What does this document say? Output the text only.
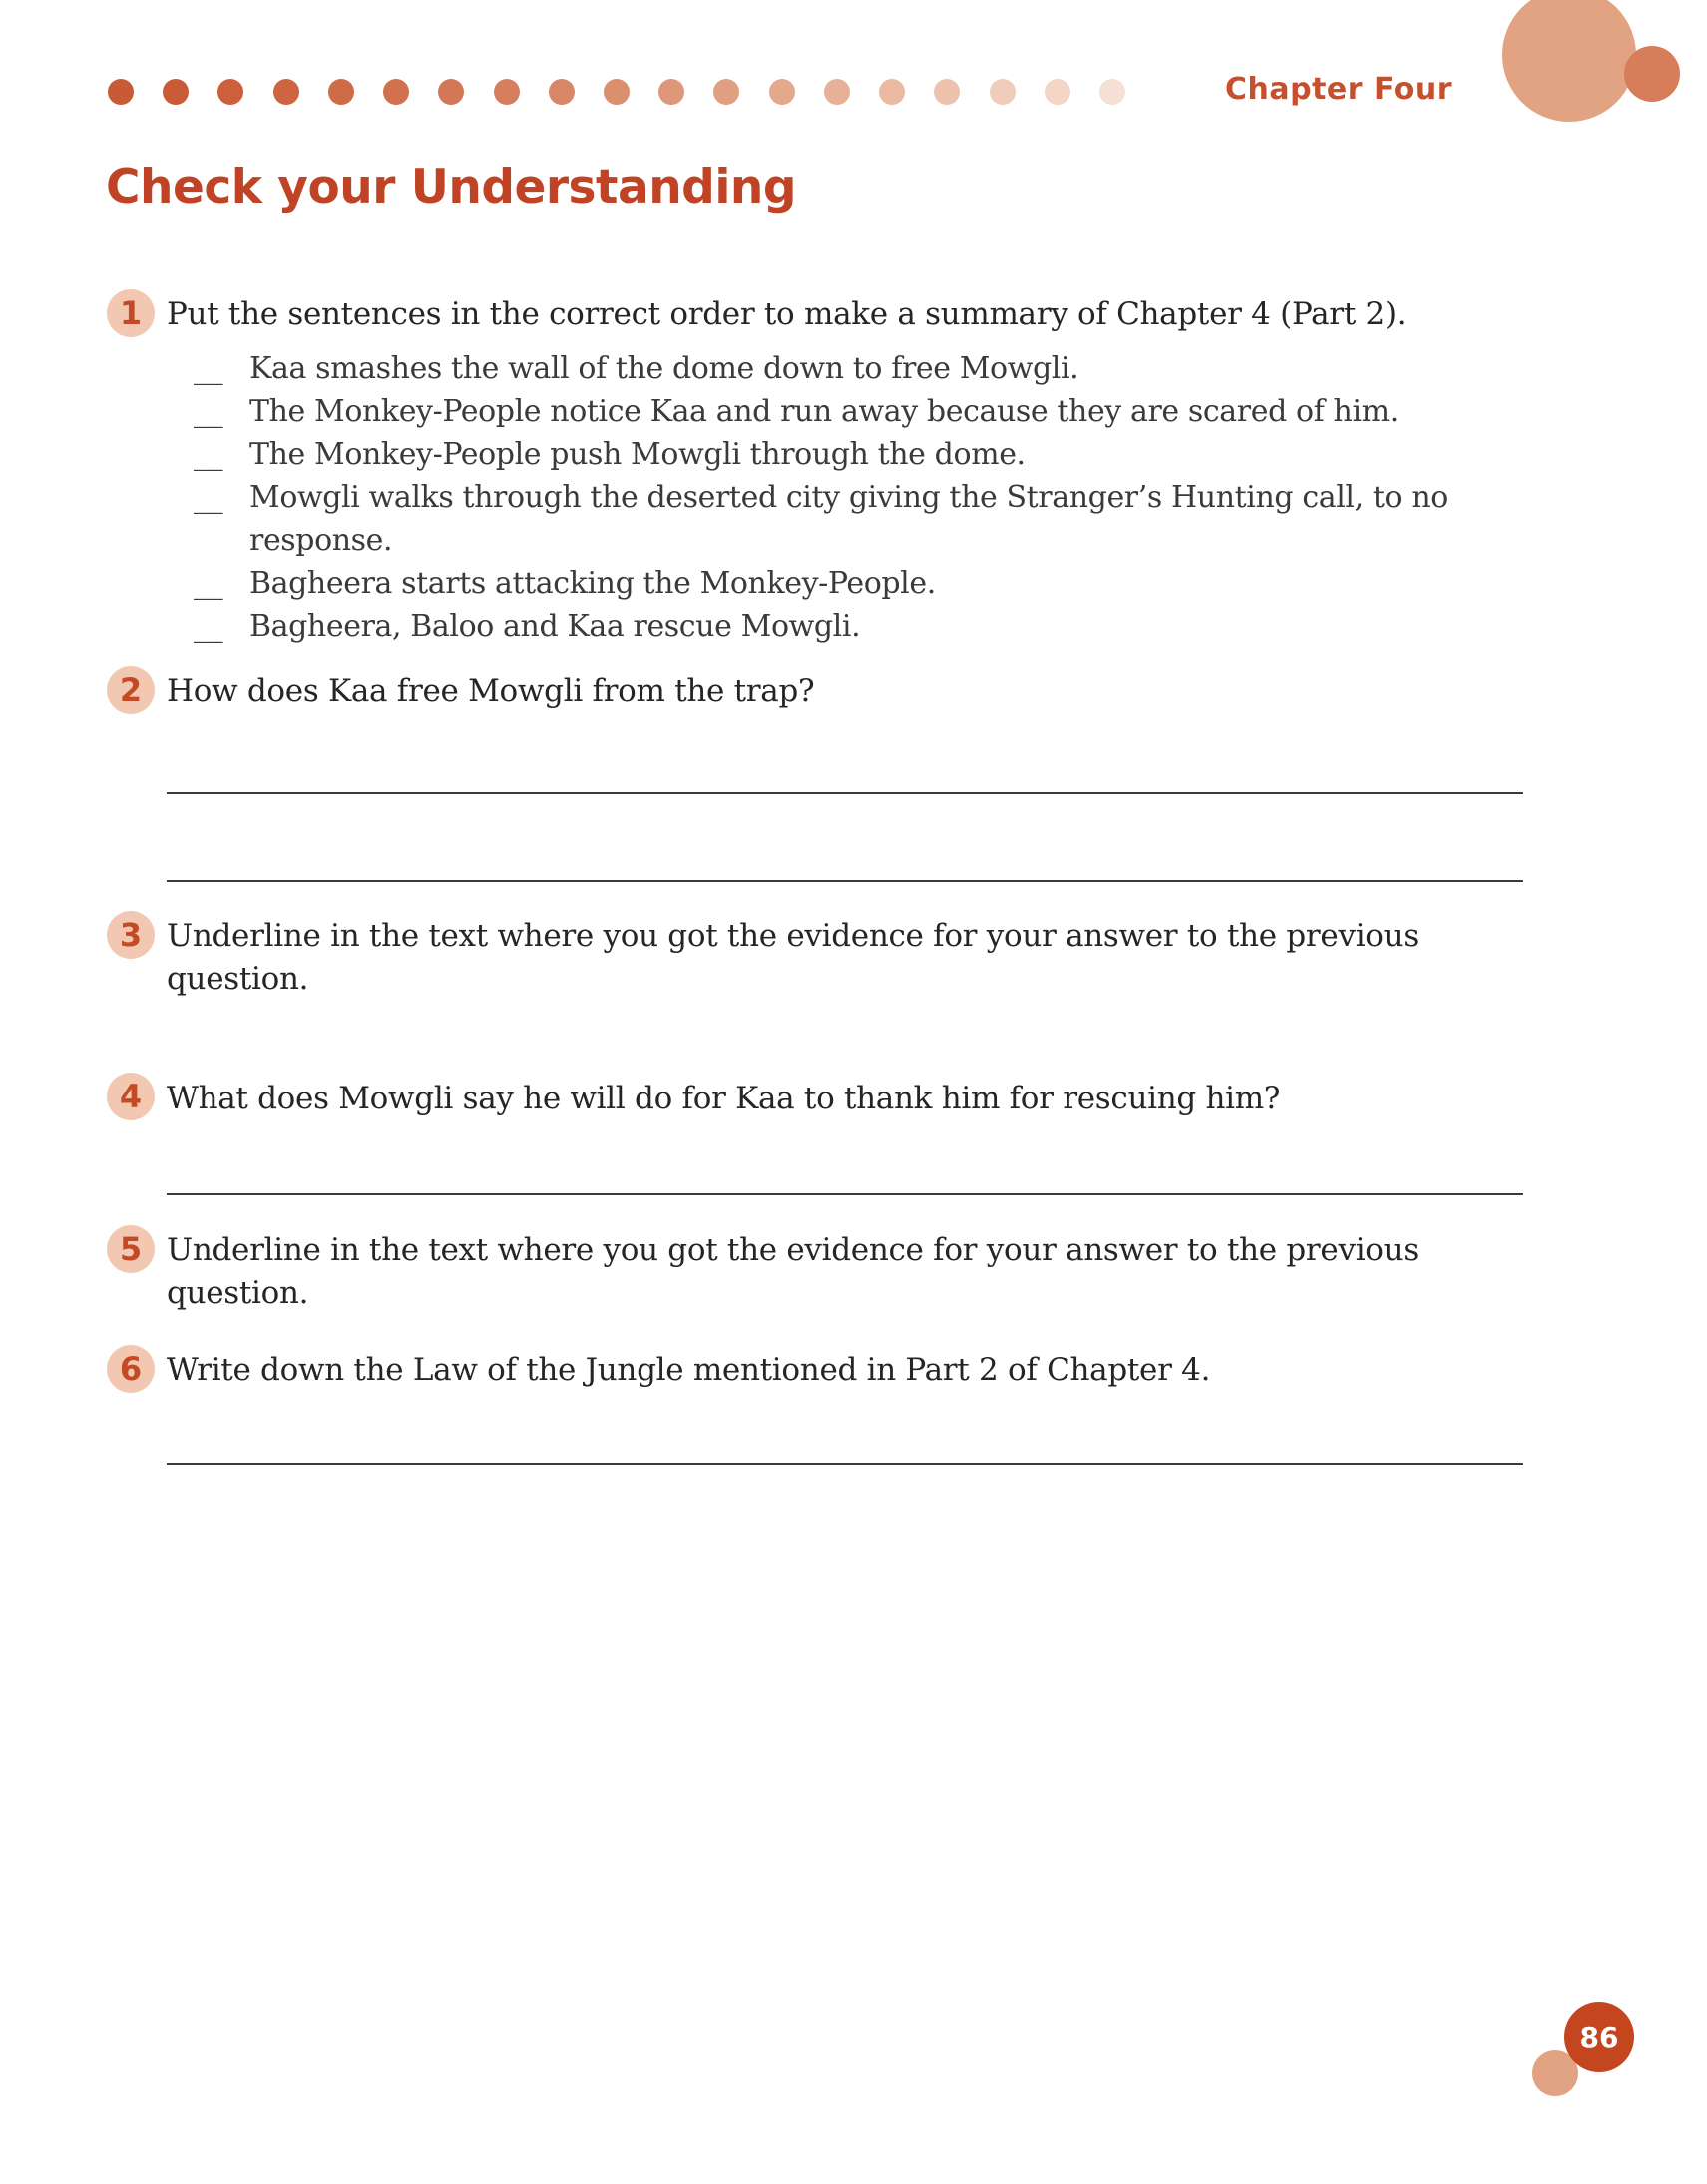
Chapter Four
Check your Understanding
1 Put the sentences in the correct order to make a summary of Chapter 4 (Part 2).
__ Kaa smashes the wall of the dome down to free Mowgli.
__ The Monkey-People notice Kaa and run away because they are scared of him.
__ The Monkey-People push Mowgli through the dome.
__ Mowgli walks through the deserted city giving the Stranger’s Hunting call, to no response.
__ Bagheera starts attacking the Monkey-People.
__ Bagheera, Baloo and Kaa rescue Mowgli.
2 How does Kaa free Mowgli from the trap?
3 Underline in the text where you got the evidence for your answer to the previous question.
4 What does Mowgli say he will do for Kaa to thank him for rescuing him?
5 Underline in the text where you got the evidence for your answer to the previous question.
6 Write down the Law of the Jungle mentioned in Part 2 of Chapter 4.
86
